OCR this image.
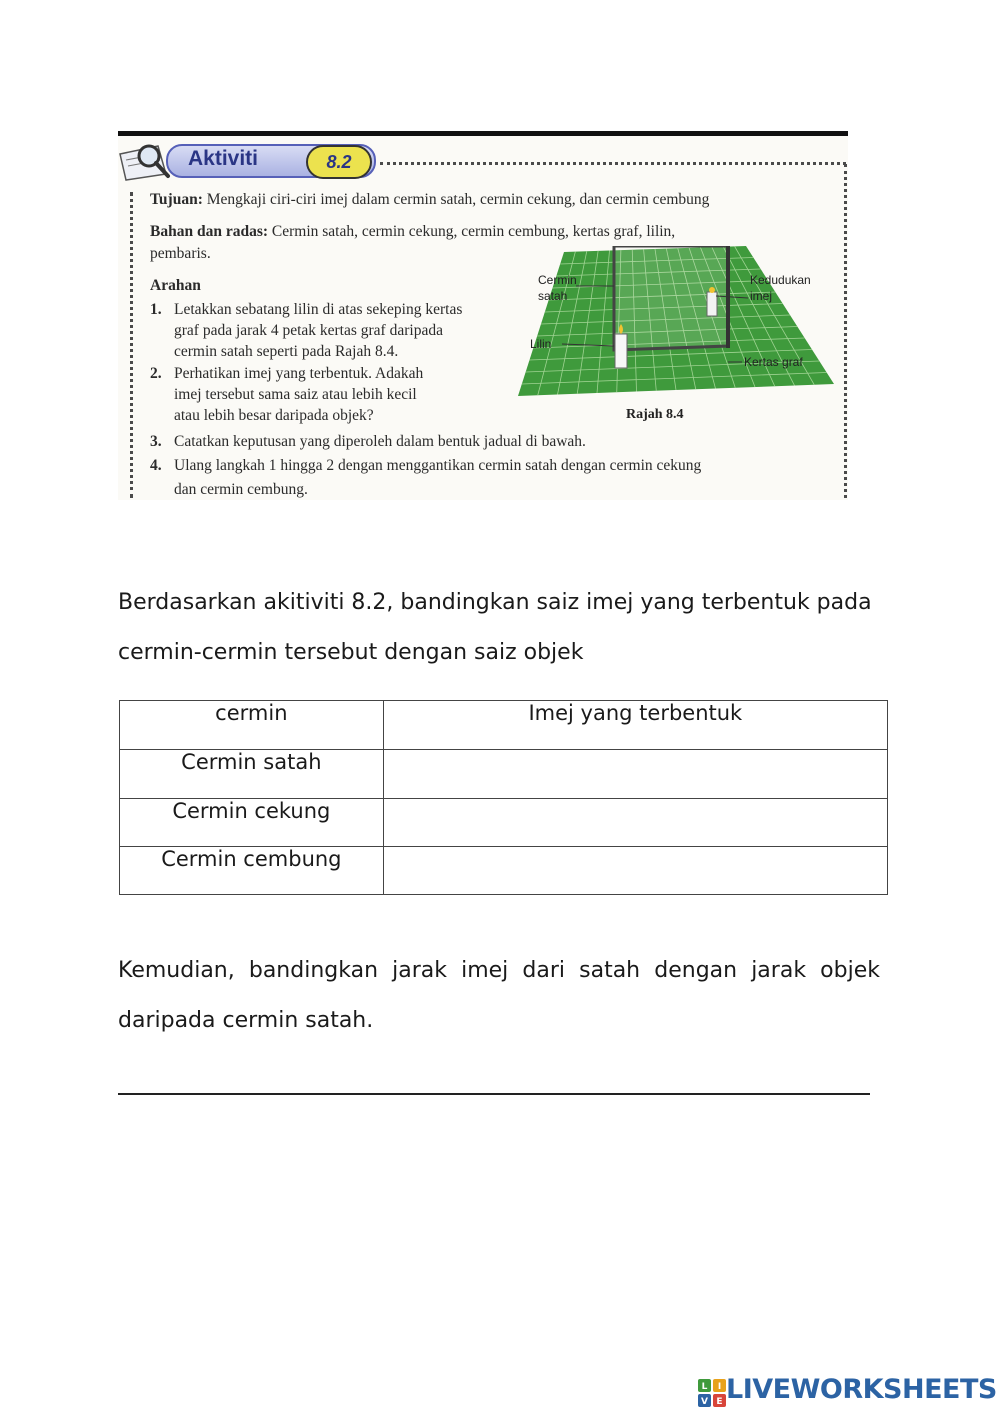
Aktiviti	8.2
Tujuan: Mengkaji ciri-ciri imej dalam cermin satah, cermin cekung, dan cermin cembung
Bahan dan radas: Cermin satah, cermin cekung, cermin cembung, kertas graf, lilin,
pembaris.
Arahan
1. Letakkan sebatang lilin di atas sekeping kertas
graf pada jarak 4 petak kertas graf daripada
cermin satah seperti pada Rajah 8.4.
2. Perhatikan imej yang terbentuk. Adakah
imej tersebut sama saiz atau lebih kecil
atau lebih besar daripada objek?
3. Catatkan keputusan yang diperoleh dalam bentuk jadual di bawah.
4. Ulang langkah 1 hingga 2 dengan menggantikan cermin satah dengan cermin cekung
dan cermin cembung.
Cermin
satah
Lilin
Kedudukan
imej
Kertas graf
Rajah 8.4
Berdasarkan akitiviti 8.2, bandingkan saiz imej yang terbentuk pada
cermin-cermin tersebut dengan saiz objek
cermin	Imej yang terbentuk
Cermin satah	
Cermin cekung	
Cermin cembung	
Kemudian, bandingkan jarak imej dari satah dengan jarak objek
daripada cermin satah.
L I
V E LIVEWORKSHEETS
